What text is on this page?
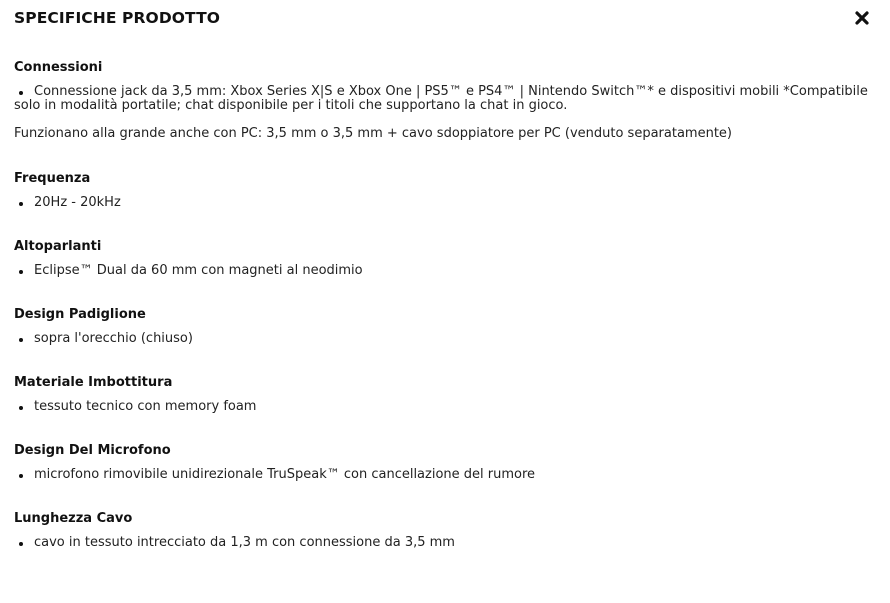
SPECIFICHE PRODOTTO
Connessioni
Connessione jack da 3,5 mm: Xbox Series X|S e Xbox One | PS5™ e PS4™ | Nintendo Switch™* e dispositivi mobili *Compatibile solo in modalità portatile; chat disponibile per i titoli che supportano la chat in gioco.

Funzionano alla grande anche con PC: 3,5 mm o 3,5 mm + cavo sdoppiatore per PC (venduto separatamente)

Frequenza
20Hz - 20kHz
Altoparlanti
Eclipse™ Dual da 60 mm con magneti al neodimio
Design Padiglione
sopra l'orecchio (chiuso)
Materiale Imbottitura
tessuto tecnico con memory foam
Design Del Microfono
microfono rimovibile unidirezionale TruSpeak™ con cancellazione del rumore
Lunghezza Cavo
cavo in tessuto intrecciato da 1,3 m con connessione da 3,5 mm
